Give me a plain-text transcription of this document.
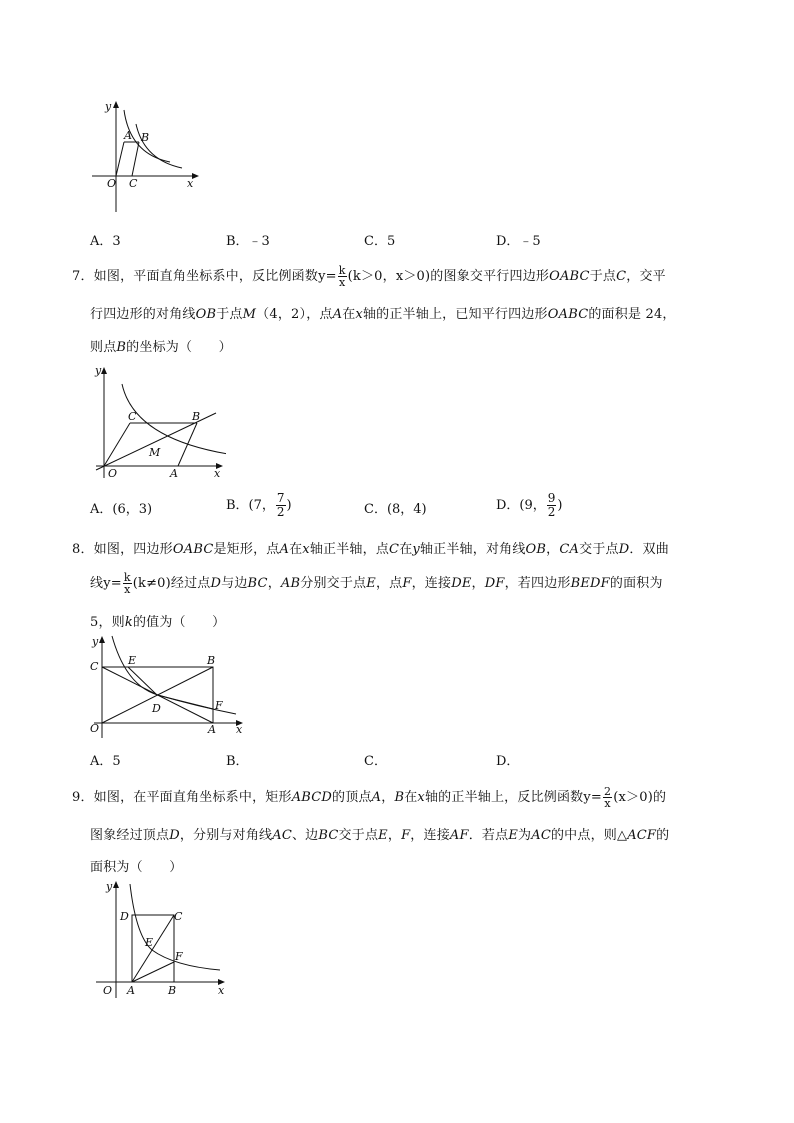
y
A B
O C	x
A．3	B．﹣3	C．5	D．﹣5
7．如图，平面直角坐标系中，反比例函数$y= \frac{k}{x} (k>0$，x＞0)的图象交平行四边形OABC于点C，交平
行四边形的对角线OB于点M（4，2），点A在x轴的正半轴上，已知平行四边形OABC的面积是 24，
则点B的坐标为（　　）
y
C	B
M
O	A	x
A．(6，3)	B．(7， $\frac{7}{2}$ )	C．(8，4)	D．(9， $\frac{9}{2}$ )
8．如图，四边形OABC是矩形，点A在x轴正半轴，点C在y轴正半轴，对角线OB，CA交于点D．双曲
线$y= \frac{k}{x} (k\ne 0)$经过点D与边BC，AB分别交于点E，点F，连接DE，DF，若四边形BEDF的面积为
5，则k的值为（　　）
y
C	E	B
D	F
O	A x
A．5	B．	C．	D．
9．如图，在平面直角坐标系中，矩形ABCD的顶点A，B在x轴的正半轴上，反比例函数$y= \frac{2}{x} (x>0)$的
图象经过顶点D，分别与对角线AC、边BC交于点E，F，连接AF．若点E为AC的中点，则△ACF的
面积为（　　）
y
D	C
E
F
O A	B	x
